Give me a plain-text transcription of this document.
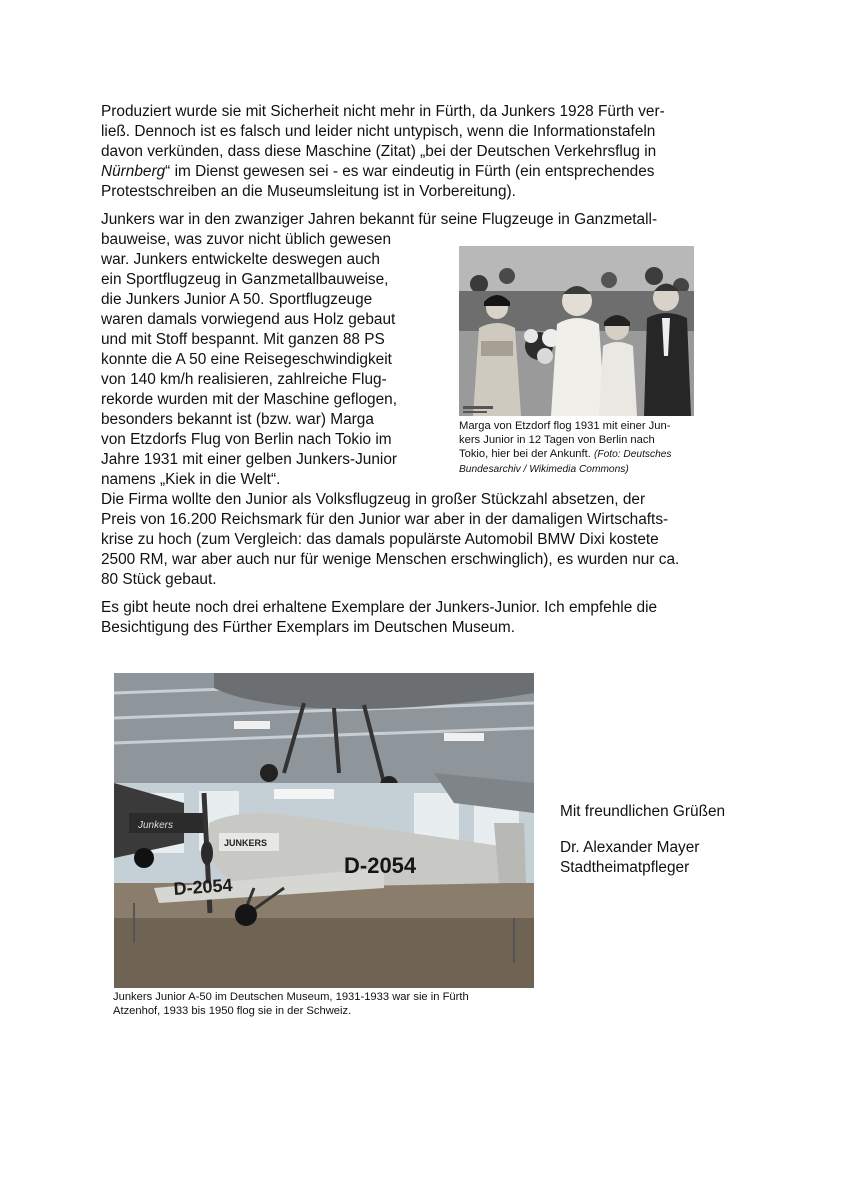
Produziert wurde sie mit Sicherheit nicht mehr in Fürth, da Junkers 1928 Fürth ver-
ließ. Dennoch ist es falsch und leider nicht untypisch, wenn die Informationstafeln
davon verkünden, dass diese Maschine (Zitat) „bei der Deutschen Verkehrsflug in
Nürnberg“ im Dienst gewesen sei - es war eindeutig in Fürth (ein entsprechendes
Protestschreiben an die Museumsleitung ist in Vorbereitung).
Junkers war in den zwanziger Jahren bekannt für seine Flugzeuge in Ganzmetall-
bauweise, was zuvor nicht üblich gewesen
war. Junkers entwickelte deswegen auch
ein Sportflugzeug in Ganzmetallbauweise,
die Junkers Junior A 50. Sportflugzeuge
waren damals vorwiegend aus Holz gebaut
und mit Stoff bespannt. Mit ganzen 88 PS
konnte die A 50 eine Reisegeschwindigkeit
von 140 km/h realisieren, zahlreiche Flug-
rekorde wurden mit der Maschine geflogen,
besonders bekannt ist (bzw. war) Marga
von Etzdorfs Flug von Berlin nach Tokio im
Jahre 1931 mit einer gelben Junkers-Junior
namens „Kiek in die Welt“.
Marga von Etzdorf flog 1931 mit einer Jun-
kers Junior in 12 Tagen von Berlin nach
Tokio, hier bei der Ankunft. (Foto: Deutsches
Bundesarchiv / Wikimedia Commons)
Die Firma wollte den Junior als Volksflugzeug in großer Stückzahl absetzen, der
Preis von 16.200 Reichsmark für den Junior war aber in der damaligen Wirtschafts-
krise zu hoch (zum Vergleich: das damals populärste Automobil BMW Dixi kostete
2500 RM, war aber auch nur für wenige Menschen erschwinglich), es wurden nur ca.
80 Stück gebaut.
Es gibt heute noch drei erhaltene Exemplare der Junkers-Junior. Ich empfehle die
Besichtigung des Fürther Exemplars im Deutschen Museum.
Junkers
D-2054
JUNKERS
D-2054
Junkers Junior A-50 im Deutschen Museum, 1931-1933 war sie in Fürth
Atzenhof, 1933 bis 1950 flog sie in der Schweiz.
Mit freundlichen Grüßen
Dr. Alexander Mayer
Stadtheimatpfleger
